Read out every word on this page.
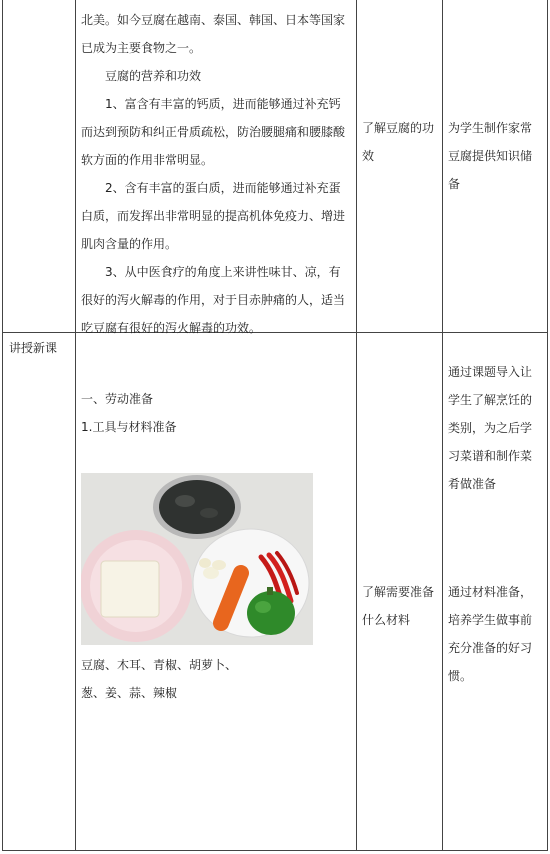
北美。如今豆腐在越南、泰国、韩国、日本等国家

已成为主要食物之一。

豆腐的营养和功效

1、富含有丰富的钙质，进而能够通过补充钙

而达到预防和纠正骨质疏松，防治腰腿痛和腰膝酸

软方面的作用非常明显。

2、含有丰富的蛋白质，进而能够通过补充蛋

白质，而发挥出非常明显的提高机体免疫力、增进

肌肉含量的作用。

3、从中医食疗的角度上来讲性味甘、凉，有

很好的泻火解毒的作用，对于目赤肿痛的人，适当

吃豆腐有很好的泻火解毒的功效。

了解豆腐的功

效

为学生制作家常

豆腐提供知识储

备

讲授新课
一、劳动准备
1.工具与材料准备

豆腐、木耳、青椒、胡萝卜、

葱、姜、蒜、辣椒

了解需要准备

什么材料

通过课题导入让

学生了解烹饪的

类别，为之后学

习菜谱和制作菜

肴做准备

通过材料准备，

培养学生做事前

充分准备的好习

惯。
